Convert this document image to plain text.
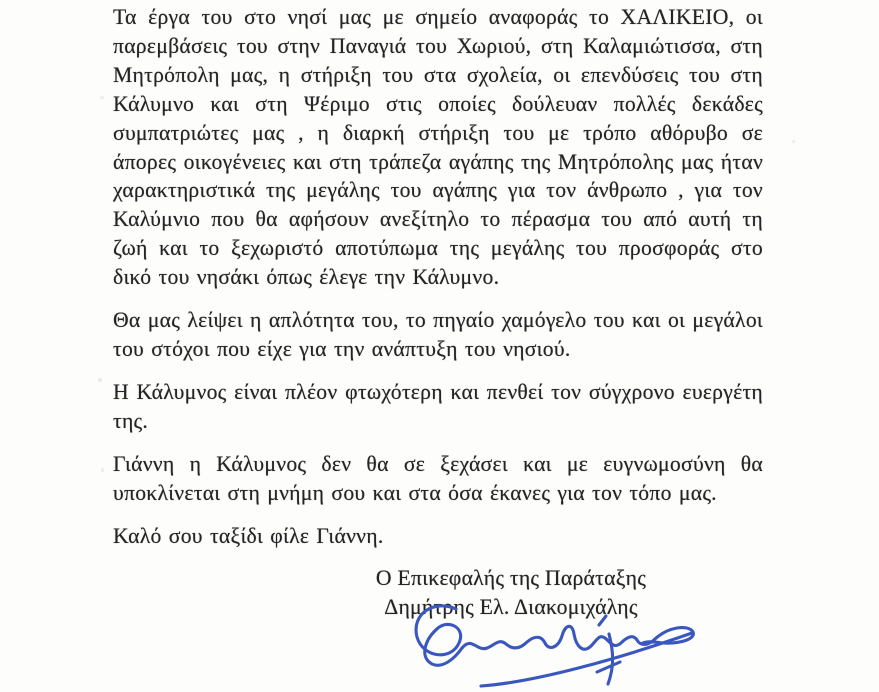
Τα έργα του στο νησί μας με σημείο αναφοράς το ΧΑΛΙΚΕΙΟ, οι παρεμβάσεις του στην Παναγιά του Χωριού, στη Καλαμιώτισσα, στη Μητρόπολη μας, η στήριξη του στα σχολεία, οι επενδύσεις του στη Κάλυμνο και στη Ψέριμο στις οποίες δούλευαν πολλές δεκάδες συμπατριώτες μας , η διαρκή στήριξη του με τρόπο αθόρυβο σε άπορες οικογένειες και στη τράπεζα αγάπης της Μητρόπολης μας ήταν χαρακτηριστικά της μεγάλης του αγάπης για τον άνθρωπο , για τον Καλύμνιο που θα αφήσουν ανεξίτηλο το πέρασμα του από αυτή τη ζωή και το ξεχωριστό αποτύπωμα της μεγάλης του προσφοράς στο δικό του νησάκι όπως έλεγε την Κάλυμνο.

Θα μας λείψει η απλότητα του, το πηγαίο χαμόγελο του και οι μεγάλοι του στόχοι που είχε για την ανάπτυξη του νησιού.

Η Κάλυμνος είναι πλέον φτωχότερη και πενθεί τον σύγχρονο ευεργέτη της.

Γιάννη η Κάλυμνος δεν θα σε ξεχάσει και με ευγνωμοσύνη θα υποκλίνεται στη μνήμη σου και στα όσα έκανες για τον τόπο μας.

Καλό σου ταξίδι φίλε Γιάννη.

Ο Επικεφαλής της Παράταξης
Δημήτρης Ελ. Διακομιχάλης
